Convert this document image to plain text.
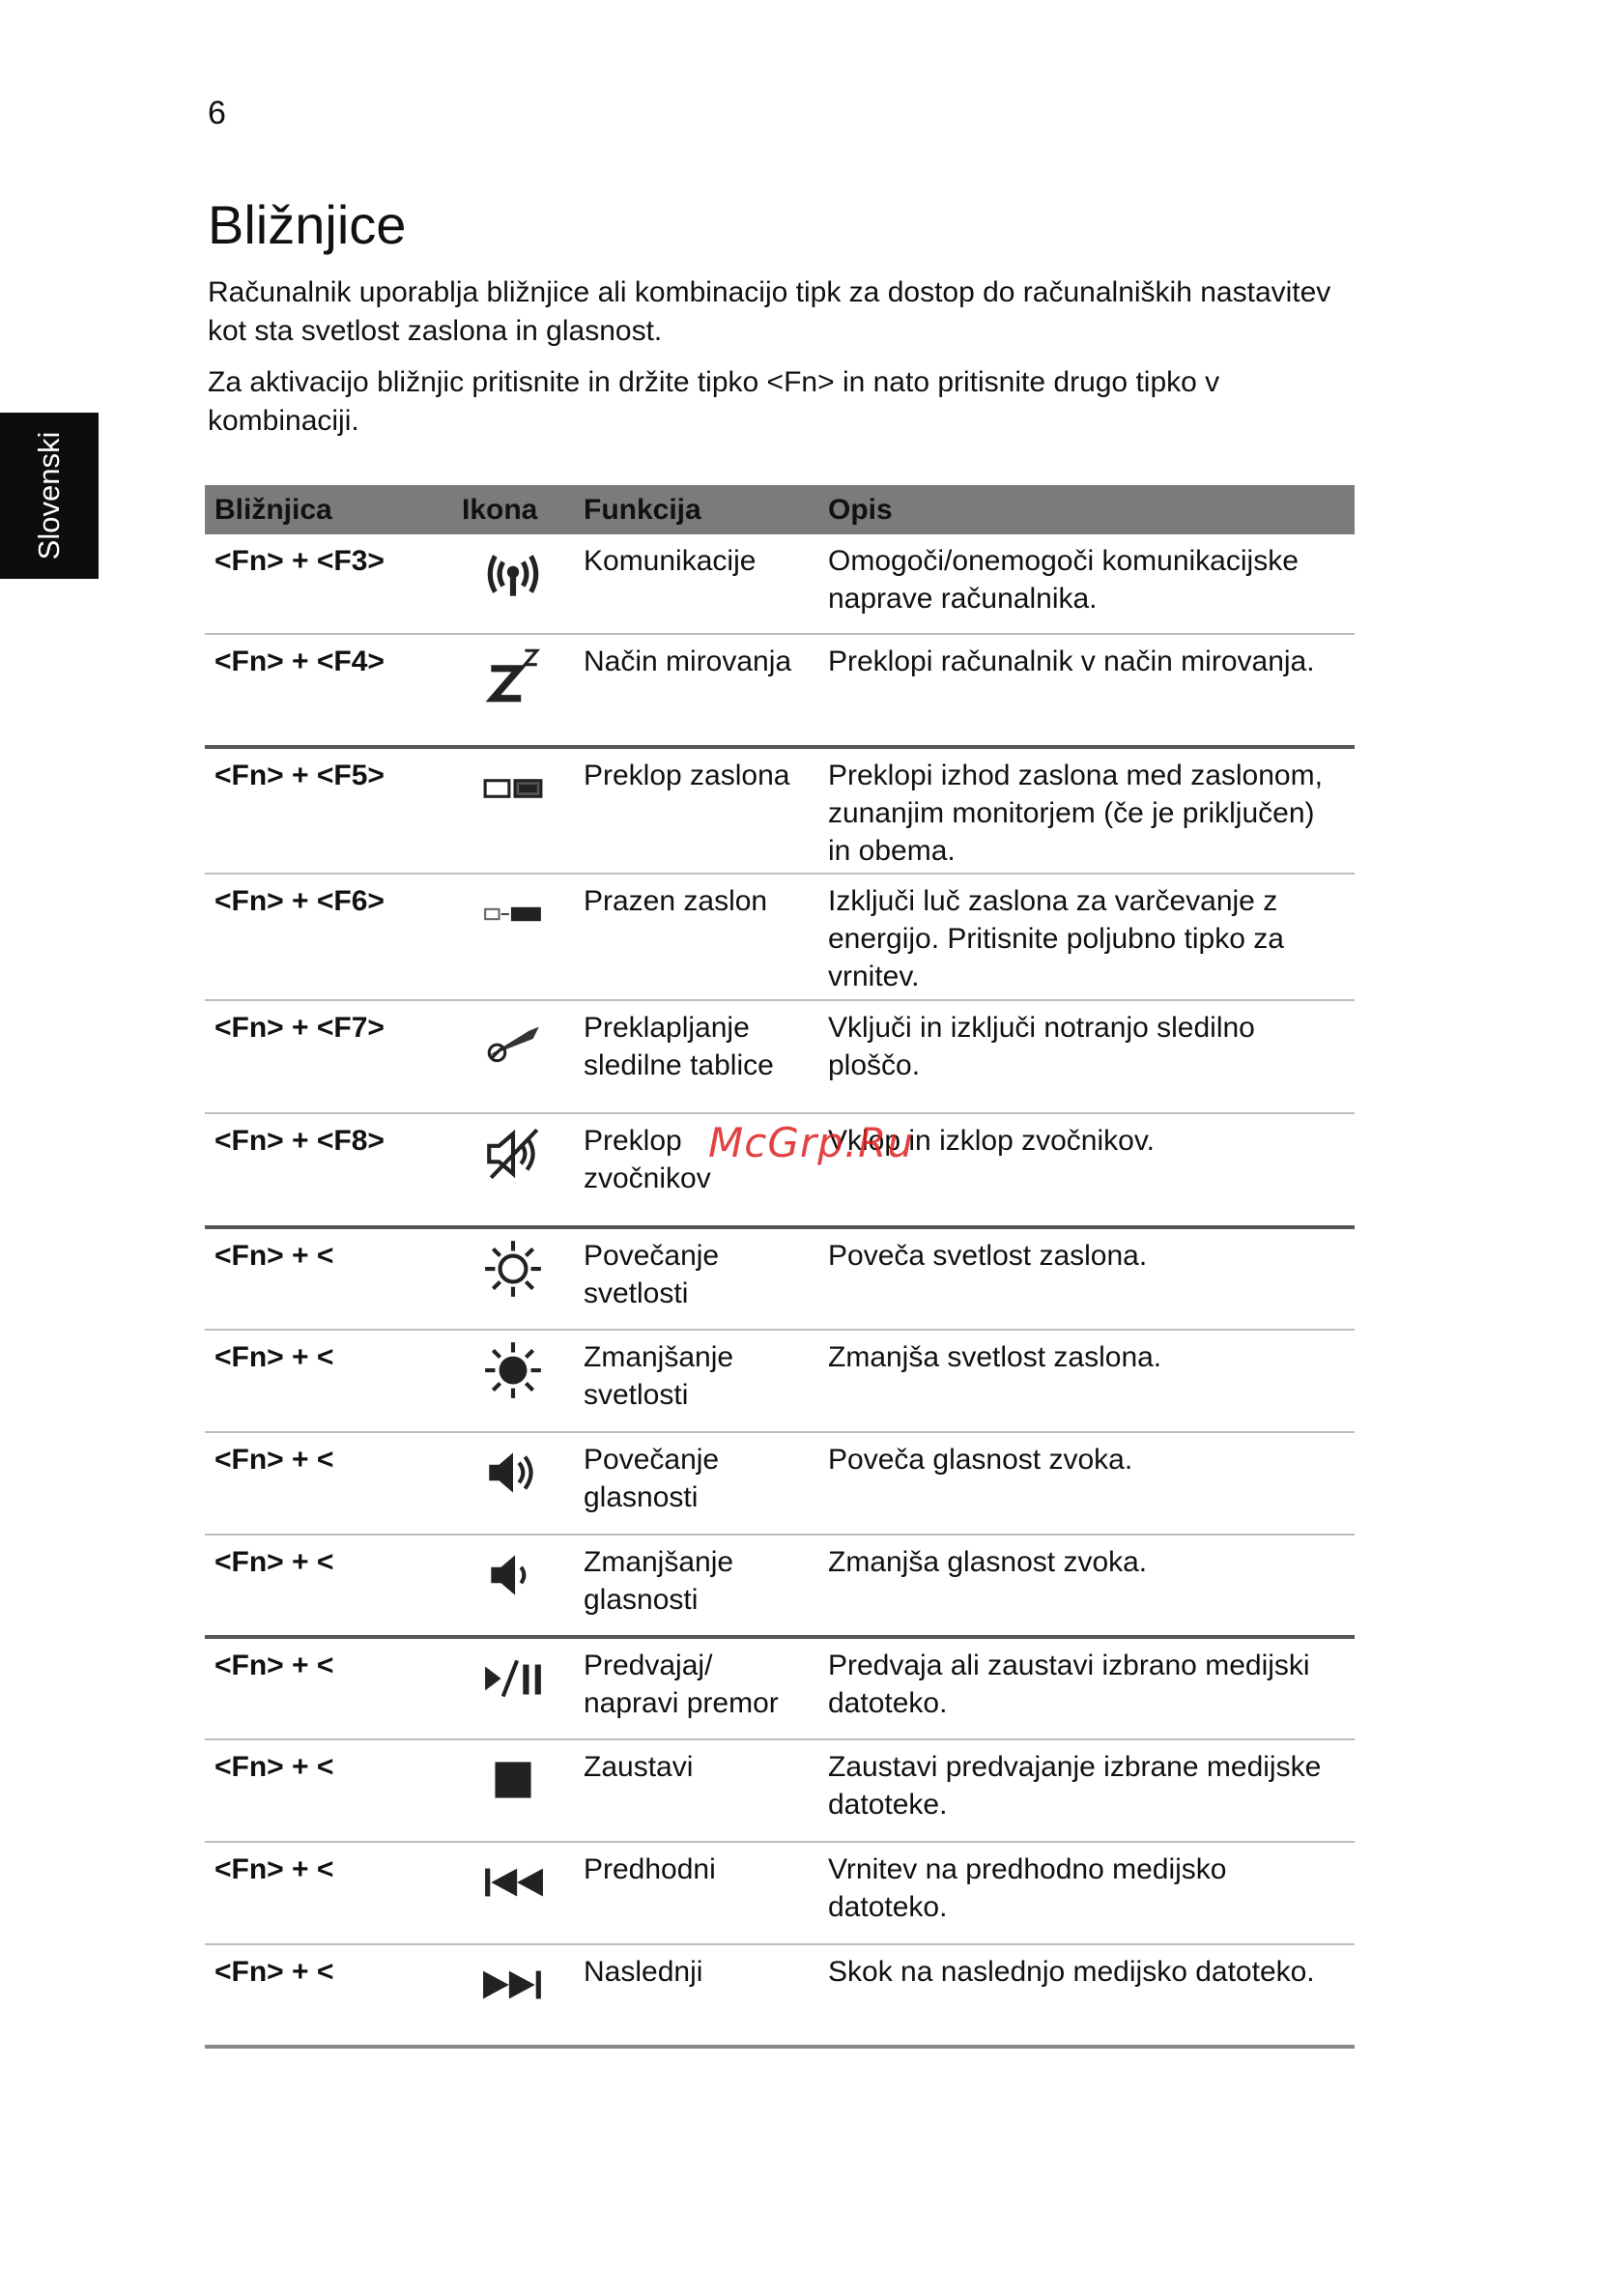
6
Slovenski
Bližnjice

Računalnik uporablja bližnjice ali kombinacijo tipk za dostop do računalniških nastavitev kot sta svetlost zaslona in glasnost.

Za aktivacijo bližnjic pritisnite in držite tipko <Fn> in nato pritisnite drugo tipko v kombinaciji.

Bližnjica	Ikona	Funkcija	Opis
<Fn> + <F3>		Komunikacije	Omogoči/onemogoči komunikacijske naprave računalnika.
<Fn> + <F4>		Način mirovanja	Preklopi računalnik v način mirovanja.
<Fn> + <F5>		Preklop zaslona	Preklopi izhod zaslona med zaslonom, zunanjim monitorjem (če je priključen) in obema.
<Fn> + <F6>		Prazen zaslon	Izključi luč zaslona za varčevanje z energijo. Pritisnite poljubno tipko za vrnitev.
<Fn> + <F7>		Preklapljanje sledilne tablice	Vključi in izključi notranjo sledilno ploščo.
<Fn> + <F8>		Preklop zvočnikov	Vklop in izklop zvočnikov.
<Fn> + <		Povečanje svetlosti	Poveča svetlost zaslona.
<Fn> + <		Zmanjšanje svetlosti	Zmanjša svetlost zaslona.
<Fn> + <		Povečanje glasnosti	Poveča glasnost zvoka.
<Fn> + <		Zmanjšanje glasnosti	Zmanjša glasnost zvoka.
<Fn> + <		Predvajaj/ napravi premor	Predvaja ali zaustavi izbrano medijski datoteko.
<Fn> + <		Zaustavi	Zaustavi predvajanje izbrane medijske datoteke.
<Fn> + <		Predhodni	Vrnitev na predhodno medijsko datoteko.
<Fn> + <		Naslednji	Skok na naslednjo medijsko datoteko.
McGrp.Ru
